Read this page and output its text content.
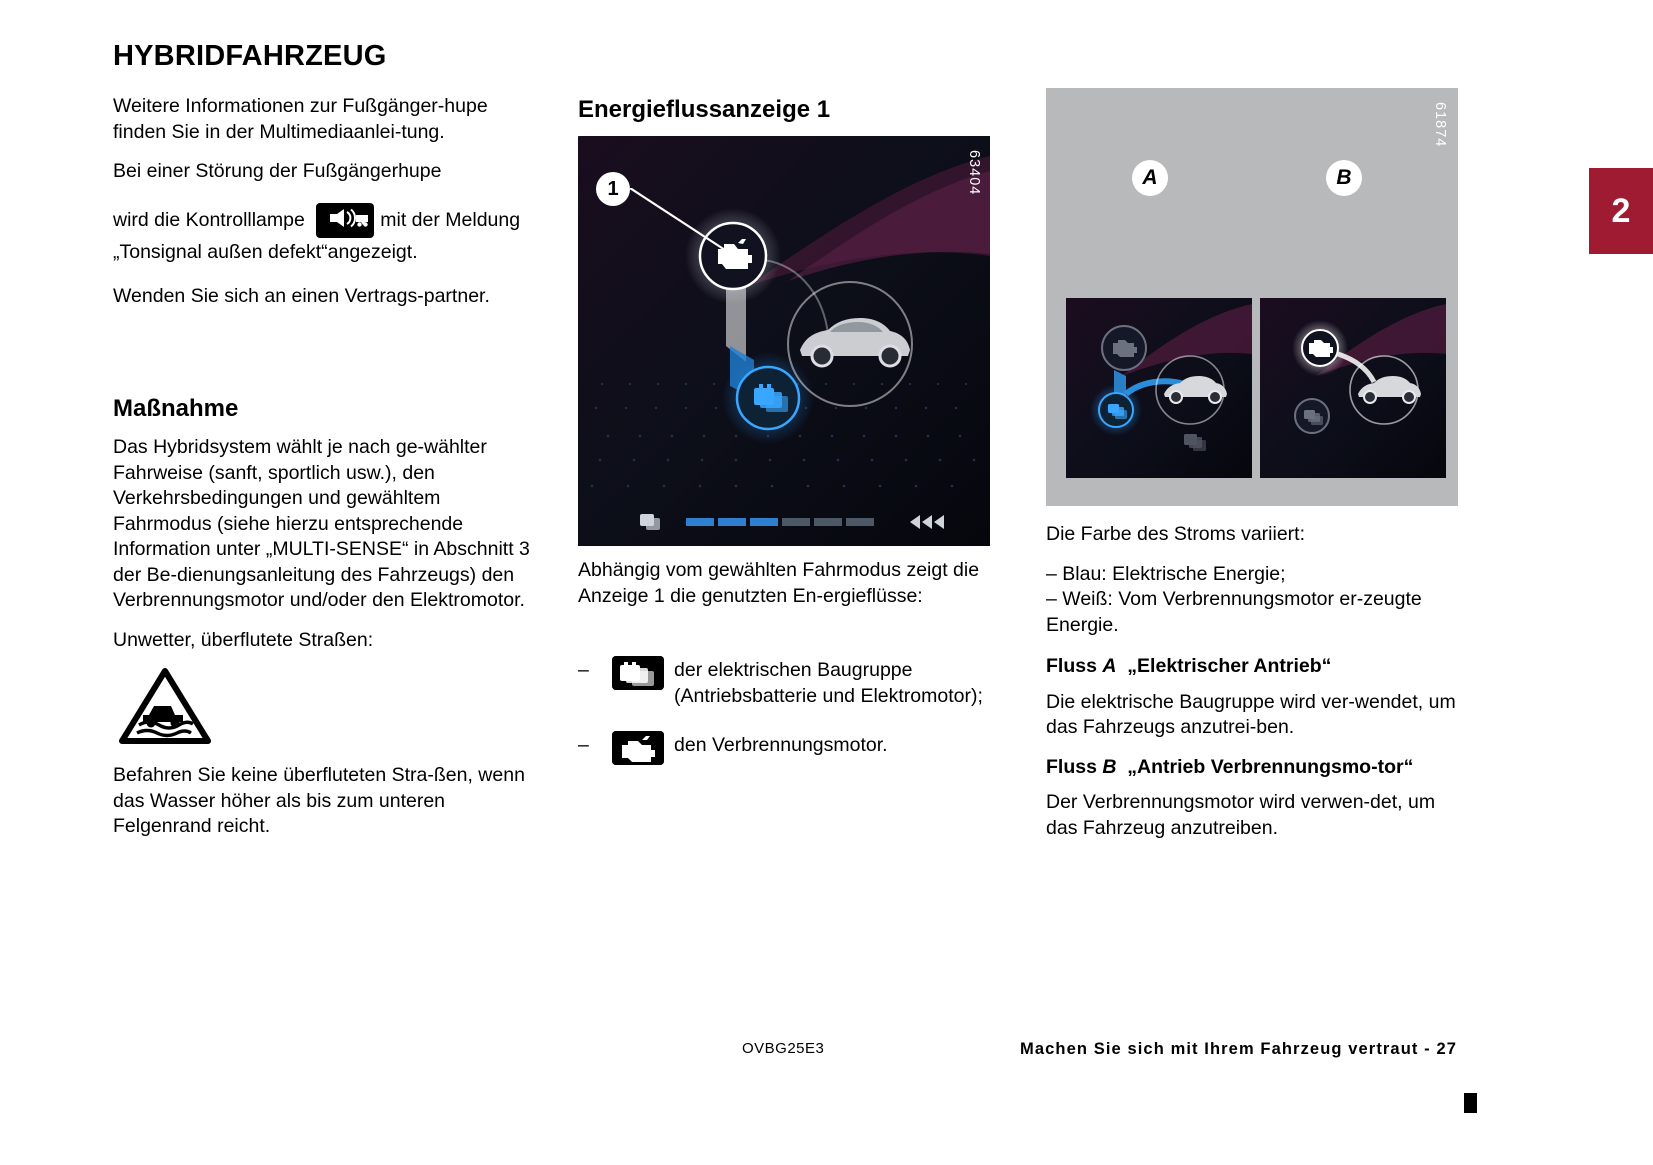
HYBRIDFAHRZEUG

Weitere Informationen zur Fußgänger-hupe finden Sie in der Multimediaanlei-tung.

Bei einer Störung der Fußgängerhupe

wird die Kontrolllampe	mit der Meldung „Tonsignal außen defekt“angezeigt.

Wenden Sie sich an einen Vertrags-partner.

Maßnahme

Das Hybridsystem wählt je nach ge-wählter Fahrweise (sanft, sportlich usw.), den Verkehrsbedingungen und gewähltem Fahrmodus (siehe hierzu entsprechende Information unter „MULTI-SENSE“ in Abschnitt 3 der Be-dienungsanleitung des Fahrzeugs) den Verbrennungsmotor und/oder den Elektromotor.

Unwetter, überflutete Straßen:

Befahren Sie keine überfluteten Stra-ßen, wenn das Wasser höher als bis zum unteren Felgenrand reicht.

Energieflussanzeige 1
1	63404

Abhängig vom gewählten Fahrmodus zeigt die Anzeige 1 die genutzten En-ergieflüsse:

–	der elektrischen Baugruppe (Antriebsbatterie und Elektromotor);
–	den Verbrennungsmotor.
A	B
61874

Die Farbe des Stroms variiert:

– Blau: Elektrische Energie;
– Weiß: Vom Verbrennungsmotor er-zeugte Energie.
Fluss A „Elektrischer Antrieb“

Die elektrische Baugruppe wird ver-wendet, um das Fahrzeugs anzutrei-ben.

Fluss B „Antrieb Verbrennungsmo-tor“

Der Verbrennungsmotor wird verwen-det, um das Fahrzeug anzutreiben.

2
OVBG25E3	Machen Sie sich mit Ihrem Fahrzeug vertraut - 27
